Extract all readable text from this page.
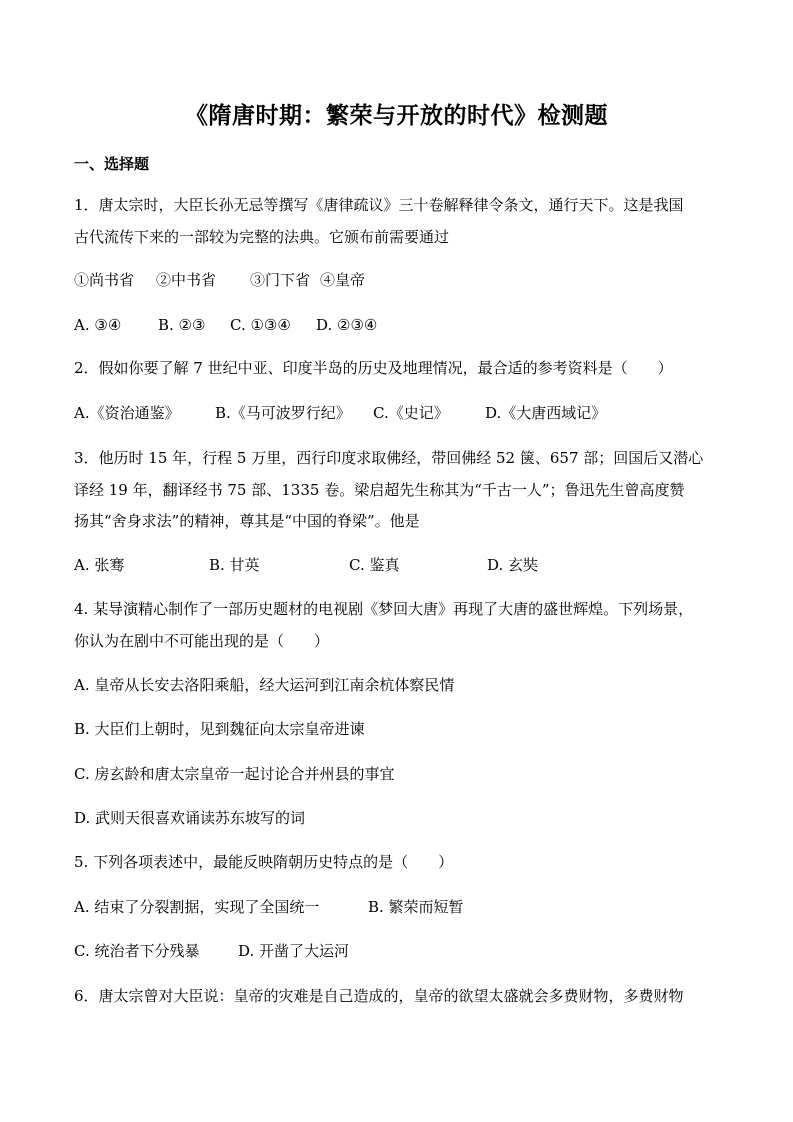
《隋唐时期：繁荣与开放的时代》检测题
一、选择题
1．唐太宗时，大臣长孙无忌等撰写《唐律疏议》三十卷解释律令条文，通行天下。这是我国
古代流传下来的一部较为完整的法典。它颁布前需要通过
①尚书省 ②中书省 ③门下省 ④皇帝
A. ③④ B. ②③ C. ①③④ D. ②③④
2．假如你要了解 7 世纪中亚、印度半岛的历史及地理情况，最合适的参考资料是（　　）
A.《资治通鉴》 B.《马可波罗行纪》 C.《史记》 D.《大唐西域记》
3．他历时 15 年，行程 5 万里，西行印度求取佛经，带回佛经 52 箧、657 部；回国后又潜心
译经 19 年，翻译经书 75 部、1335 卷。梁启超先生称其为“千古一人”；鲁迅先生曾高度赞
扬其“舍身求法”的精神，尊其是“中国的脊梁”。他是
A. 张骞	B. 甘英	C. 鉴真	D. 玄奘
4. 某导演精心制作了一部历史题材的电视剧《梦回大唐》再现了大唐的盛世辉煌。下列场景，
你认为在剧中不可能出现的是（　　）
A. 皇帝从长安去洛阳乘船，经大运河到江南余杭体察民情
B. 大臣们上朝时，见到魏征向太宗皇帝进谏
C. 房玄龄和唐太宗皇帝一起讨论合并州县的事宜
D. 武则天很喜欢诵读苏东坡写的词
5. 下列各项表述中，最能反映隋朝历史特点的是（　　）
A. 结束了分裂割据，实现了全国统一	B. 繁荣而短暂
C. 统治者下分残暴	D. 开凿了大运河
6．唐太宗曾对大臣说：皇帝的灾难是自己造成的，皇帝的欲望太盛就会多费财物，多费财物
